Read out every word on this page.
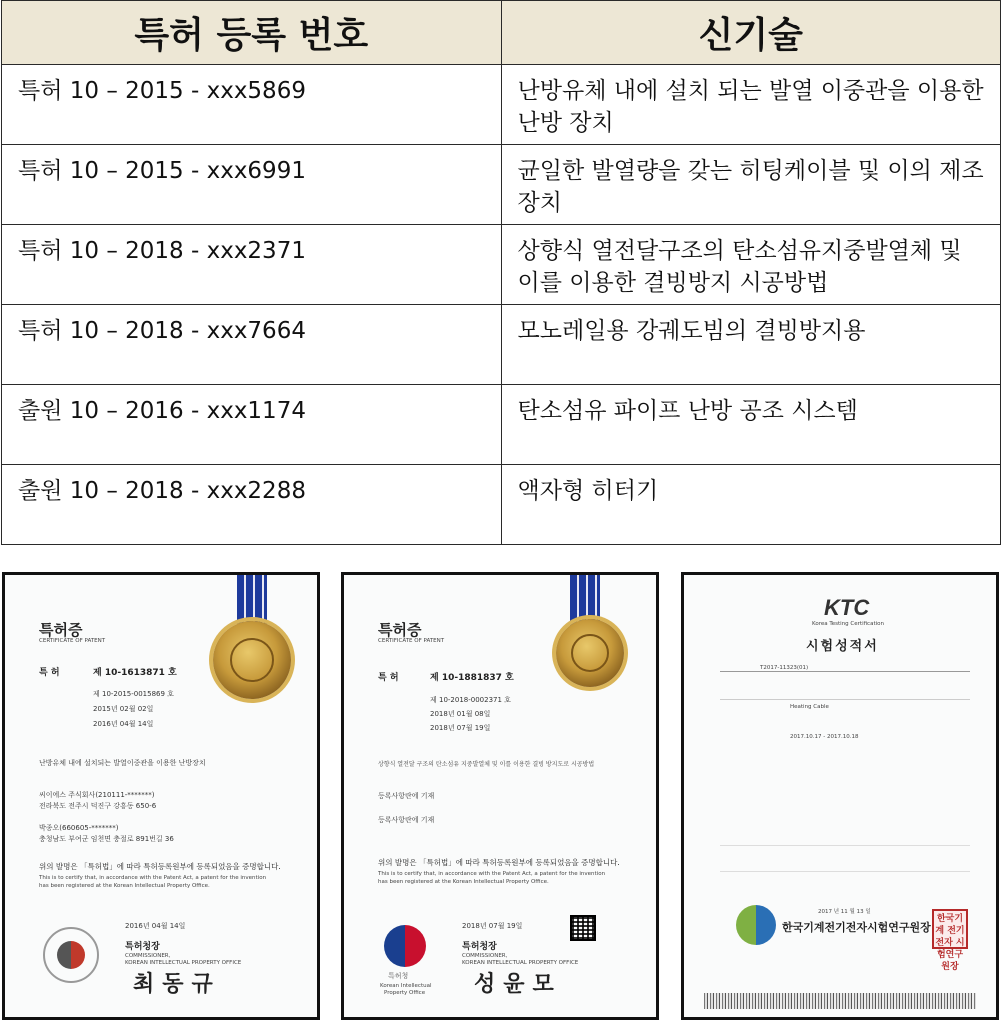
특허 등록 번호	신기술
특허 10 – 2015 - xxx5869	난방유체 내에 설치 되는 발열 이중관을 이용한 난방 장치
특허 10 – 2015 - xxx6991	균일한 발열량을 갖는 히팅케이블 및 이의 제조장치
특허 10 – 2018 - xxx2371	상향식 열전달구조의 탄소섬유지중발열체 및 이를 이용한 결빙방지 시공방법
특허 10 – 2018 - xxx7664	모노레일용 강궤도빔의 결빙방지용
출원 10 – 2016 - xxx1174	탄소섬유 파이프 난방 공조 시스템
출원 10 – 2018 - xxx2288	액자형 히터기
특허증
CERTIFICATE OF PATENT
특 허	제 10-1613871 호
제 10-2015-0015869 호
2015년 02월 02일
2016년 04월 14일
난방유체 내에 설치되는 발열이중관을 이용한 난방장치
씨이에스 주식회사(210111-*******)
전라북도 전주시 덕진구 강흥동 650-6
박종오(660605-*******)
충청남도 부여군 임천면 충절로 891번길 36
위의 발명은 「특허법」에 따라 특허등록원부에 등록되었음을 증명합니다.
This is to certify that, in accordance with the Patent Act, a patent for the invention
has been registered at the Korean Intellectual Property Office.
2016년 04월 14일
특허청장
COMMISSIONER,
KOREAN INTELLECTUAL PROPERTY OFFICE
최동규
특허증
CERTIFICATE OF PATENT
특 허	제 10-1881837 호
제 10-2018-0002371 호
2018년 01월 08일
2018년 07월 19일
상향식 열전달 구조의 탄소섬유 지중발열체 및 이를 이용한 결빙 방지도로 시공방법
등록사항란에 기재
등록사항란에 기재
위의 발명은 「특허법」에 따라 특허등록원부에 등록되었음을 증명합니다.
This is to certify that, in accordance with the Patent Act, a patent for the invention
has been registered at the Korean Intellectual Property Office.
2018년 07월 19일
특허청장
COMMISSIONER,
KOREAN INTELLECTUAL PROPERTY OFFICE
성윤모
특허청
Korean Intellectual
Property Office
KTC
Korea Testing Certification
시험성적서
T2017-11323(01)
Heating Cable
2017.10.17 - 2017.10.18
2017 년 11 월 13 일
한국기계전기전자시험연구원장
한국기계 전기전자 시험연구원장
